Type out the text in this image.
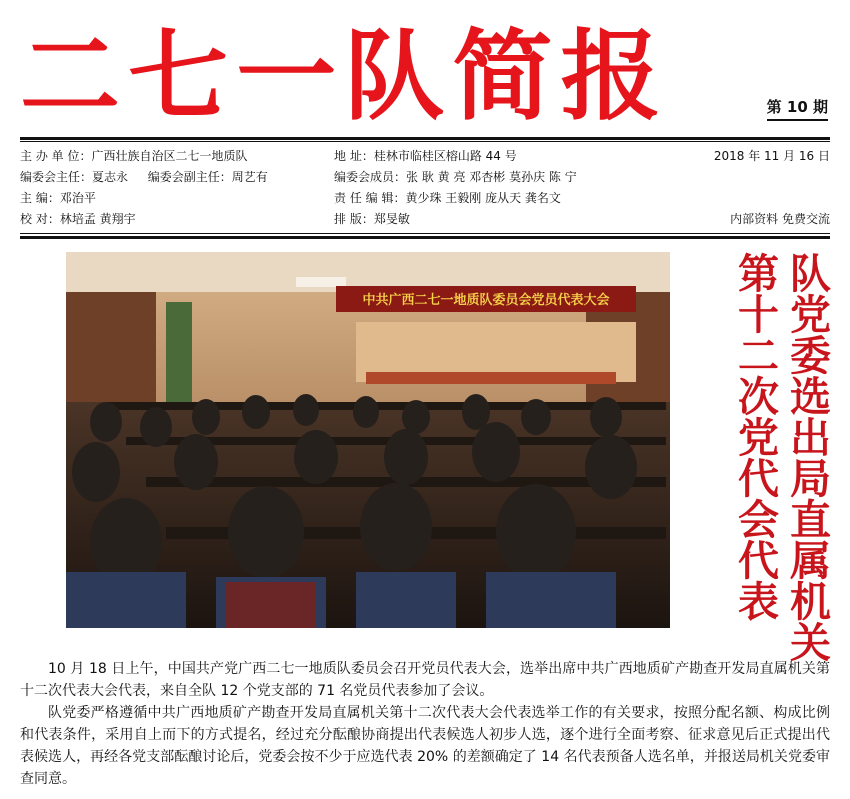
二七一队简报	第 10 期
主 办 单 位：广西壮族自治区二七一地质队	地 址：桂林市临桂区榕山路 44 号	2018 年 11 月 16 日
编委会主任：夏志永 编委会副主任：周艺有	编委会成员：张 耿 黄 亮 邓杏彬 莫孙庆 陈 宁
主 编：邓治平	责 任 编 辑：黄少珠 王毅刚 庞从天 龚名文
校 对：林培孟 黄翔宇	排 版：郑旻敏	内部资料 免费交流
中共广西二七一地质队委员会党员代表大会	队党委选出局直属机关
第十二次党代会代表

10 月 18 日上午，中国共产党广西二七一地质队委员会召开党员代表大会，选举出席中共广西地质矿产勘查开发局直属机关第十二次代表大会代表，来自全队 12 个党支部的 71 名党员代表参加了会议。

队党委严格遵循中共广西地质矿产勘查开发局直属机关第十二次代表大会代表选举工作的有关要求，按照分配名额、构成比例和代表条件，采用自上而下的方式提名，经过充分酝酿协商提出代表候选人初步人选，逐个进行全面考察、征求意见后正式提出代表候选人，再经各党支部酝酿讨论后，党委会按不少于应选代表 20% 的差额确定了 14 名代表预备人选名单，并报送局机关党委审查同意。
